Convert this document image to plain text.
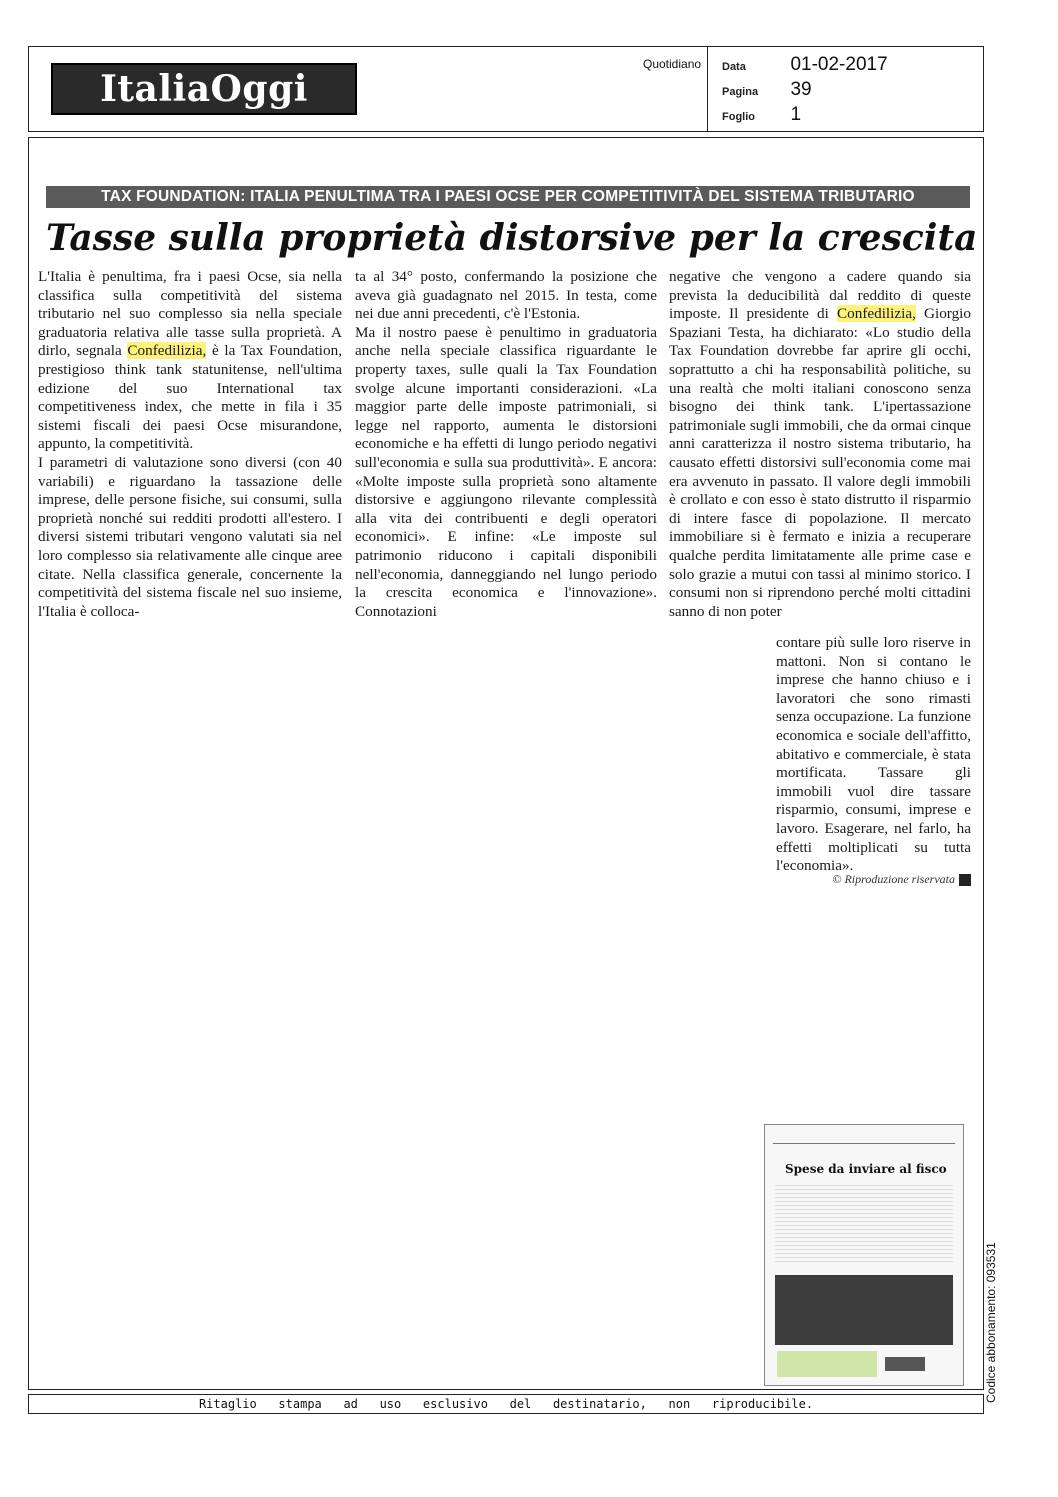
ItaliaOggi
Quotidiano Data 01-02-2017
Pagina 39
Foglio 1
TAX FOUNDATION: ITALIA PENULTIMA TRA I PAESI OCSE PER COMPETITIVITÀ DEL SISTEMA TRIBUTARIO
Tasse sulla proprietà distorsive per la crescita

L'Italia è penultima, fra i paesi Ocse, sia nella classifica sulla competitività del sistema tributario nel suo complesso sia nella speciale graduatoria relativa alle tasse sulla proprietà. A dirlo, segnala Confedilizia, è la Tax Foundation, prestigioso think tank statunitense, nell'ultima edizione del suo International tax competitiveness index, che mette in fila i 35 sistemi fiscali dei paesi Ocse misurandone, appunto, la competitività.

I parametri di valutazione sono diversi (con 40 variabili) e riguardano la tassazione delle imprese, delle persone fisiche, sui consumi, sulla proprietà nonché sui redditi prodotti all'estero. I diversi sistemi tributari vengono valutati sia nel loro complesso sia relativamente alle cinque aree citate. Nella classifica generale, concernente la competitività del sistema fiscale nel suo insieme, l'Italia è colloca-

ta al 34° posto, confermando la posizione che aveva già guadagnato nel 2015. In testa, come nei due anni precedenti, c'è l'Estonia.

Ma il nostro paese è penultimo in graduatoria anche nella speciale classifica riguardante le property taxes, sulle quali la Tax Foundation svolge alcune importanti considerazioni. «La maggior parte delle imposte patrimoniali, si legge nel rapporto, aumenta le distorsioni economiche e ha effetti di lungo periodo negativi sull'economia e sulla sua produttività». E ancora: «Molte imposte sulla proprietà sono altamente distorsive e aggiungono rilevante complessità alla vita dei contribuenti e degli operatori economici». E infine: «Le imposte sul patrimonio riducono i capitali disponibili nell'economia, danneggiando nel lungo periodo la crescita economica e l'innovazione». Connotazioni

negative che vengono a cadere quando sia prevista la deducibilità dal reddito di queste imposte. Il presidente di Confedilizia, Giorgio Spaziani Testa, ha dichiarato: «Lo studio della Tax Foundation dovrebbe far aprire gli occhi, soprattutto a chi ha responsabilità politiche, su una realtà che molti italiani conoscono senza bisogno dei think tank. L'ipertassazione patrimoniale sugli immobili, che da ormai cinque anni caratterizza il nostro sistema tributario, ha causato effetti distorsivi sull'economia come mai era avvenuto in passato. Il valore degli immobili è crollato e con esso è stato distrutto il risparmio di intere fasce di popolazione. Il mercato immobiliare si è fermato e inizia a recuperare qualche perdita limitatamente alle prime case e solo grazie a mutui con tassi al minimo storico. I consumi non si riprendono perché molti cittadini sanno di non poter

contare più sulle loro riserve in mattoni. Non si contano le imprese che hanno chiuso e i lavoratori che sono rimasti senza occupazione. La funzione economica e sociale dell'affitto, abitativo e commerciale, è stata mortificata. Tassare gli immobili vuol dire tassare risparmio, consumi, imprese e lavoro. Esagerare, nel farlo, ha effetti moltiplicati su tutta l'economia».

© Riproduzione riservata
Spese da inviare al fisco
Codice abbonamento: 093531
Ritaglio   stampa   ad   uso   esclusivo   del   destinatario,   non   riproducibile.
